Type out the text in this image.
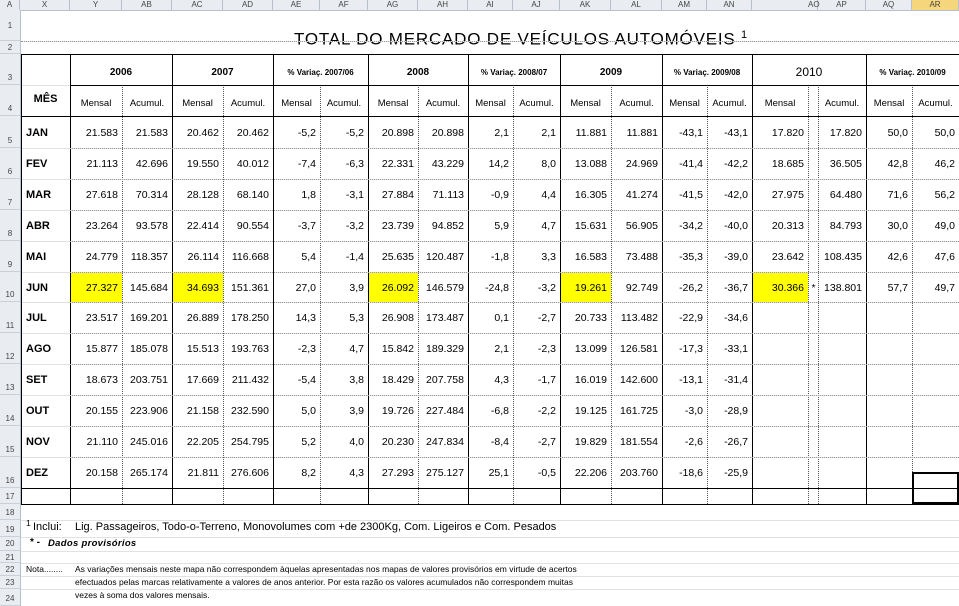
A	X	Y	AB	AC	AD	AE	AF	AG	AH	AI	AJ	AK	AL	AM	AN	AO	AP	AQ	AR
1
2
3
4
5
6
7
8
9
10
11
12
13
14
15
16
17
18
19
20
21
22
23
24
TOTAL DO MERCADO DE VEÍCULOS AUTOMÓVEIS $^1$
MÊS
2006	2007	% Variaç. 2007/06	2008	% Variaç. 2008/07	2009	% Variaç. 2009/08	2010	% Variaç. 2010/09
Mensal	Acumul.	Mensal	Acumul.	Mensal	Acumul.	Mensal	Acumul.	Mensal	Acumul.	Mensal	Acumul.	Mensal	Acumul.	Mensal	Acumul.	Mensal	Acumul.
JAN	21.583	21.583	20.462	20.462	-5,2	-5,2	20.898	20.898	2,1	2,1	11.881	11.881	-43,1	-43,1	17.820	17.820	50,0	50,0
FEV	21.113	42.696	19.550	40.012	-7,4	-6,3	22.331	43.229	14,2	8,0	13.088	24.969	-41,4	-42,2	18.685	36.505	42,8	46,2
MAR	27.618	70.314	28.128	68.140	1,8	-3,1	27.884	71.113	-0,9	4,4	16.305	41.274	-41,5	-42,0	27.975	64.480	71,6	56,2
ABR	23.264	93.578	22.414	90.554	-3,7	-3,2	23.739	94.852	5,9	4,7	15.631	56.905	-34,2	-40,0	20.313	84.793	30,0	49,0
MAI	24.779	118.357	26.114	116.668	5,4	-1,4	25.635	120.487	-1,8	3,3	16.583	73.488	-35,3	-39,0	23.642	108.435	42,6	47,6
JUN	27.327	145.684	34.693	151.361	27,0	3,9	26.092	146.579	-24,8	-3,2	19.261	92.749	-26,2	-36,7	30.366 * 138.801	57,7	49,7
JUL	23.517	169.201	26.889	178.250	14,3	5,3	26.908	173.487	0,1	-2,7	20.733	113.482	-22,9	-34,6
AGO	15.877	185.078	15.513	193.763	-2,3	4,7	15.842	189.329	2,1	-2,3	13.099	126.581	-17,3	-33,1
SET	18.673	203.751	17.669	211.432	-5,4	3,8	18.429	207.758	4,3	-1,7	16.019	142.600	-13,1	-31,4
OUT	20.155	223.906	21.158	232.590	5,0	3,9	19.726	227.484	-6,8	-2,2	19.125	161.725	-3,0	-28,9
NOV	21.110	245.016	22.205	254.795	5,2	4,0	20.230	247.834	-8,4	-2,7	19.829	181.554	-2,6	-26,7
DEZ	20.158	265.174	21.811	276.606	8,2	4,3	27.293	275.127	25,1	-0,5	22.206	203.760	-18,6	-25,9
1 Inclui: Lig. Passageiros, Todo-o-Terreno, Monovolumes com +de 2300Kg, Com. Ligeiros e Com. Pesados
* - Dados provisórios
Nota........ As variações mensais neste mapa não correspondem àquelas apresentadas nos mapas de valores provisórios em virtude de acertos
efectuados pelas marcas relativamente a valores de anos anterior. Por esta razão os valores acumulados não correspondem muitas
vezes à soma dos valores mensais.
